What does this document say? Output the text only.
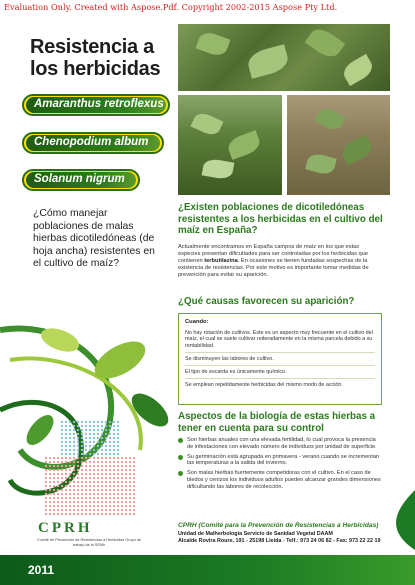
Evaluation Only. Created with Aspose.Pdf. Copyright 2002-2015 Aspose Pty Ltd.
Resistencia a los herbicidas
Amaranthus retroflexus
Chenopodium album
Solanum nigrum
¿Cómo manejar poblaciones de malas hierbas dicotiledóneas (de hoja ancha) resistentes en el cultivo de maíz?
CPRH
Comité de Prevención de Resistencias a Herbicidas Grupo de trabajo de la SEMh
¿Existen poblaciones de dicotiledóneas resistentes a los herbicidas en el cultivo del maíz en España?
Actualmente encontramos en España campos de maíz en los que estas especies presentan dificultades para ser controladas por los herbicidas que contienen terbutilazina. En ocasiones se tienen fundadas sospechas de la existencia de resistencias. Por este motivo es importante tomar medidas de prevención para evitar su aparición.
¿Qué causas favorecen su aparición?
Cuando:
No hay rotación de cultivos. Este es un aspecto muy frecuente en el cultivo del maíz, el cual se suele cultivar reiteradamente en la misma parcela debido a su rentabilidad.
Se disminuyen las labores de cultivo.
El tipo de escarda es únicamente químico.
Se emplean repetidamente herbicidas del mismo modo de acción.
Aspectos de la biología de estas hierbas a tener en cuenta para su control
Son hierbas anuales con una elevada fertilidad, lo cual provoca la presencia de infestaciones con elevado número de individuos por unidad de superficie.
Su germinación está agrupada en primavera - verano cuando se incrementan las temperaturas a la salida del invierno.
Son malas hierbas fuertemente competidoras con el cultivo. En el caso de bledos y cenizos los individuos adultos pueden alcanzar grandes dimensiones dificultando las labores de recolección.
CPRH (Comité para la Prevención de Resistencias a Herbicidas)
Unidad de Malherbología Servicio de Sanidad Vegetal DAAM
Alcalde Rovira Roure, 191 - 25198 Lleida - Telf.: 973 24 06 82 - Fax: 973 22 22 19
2011
